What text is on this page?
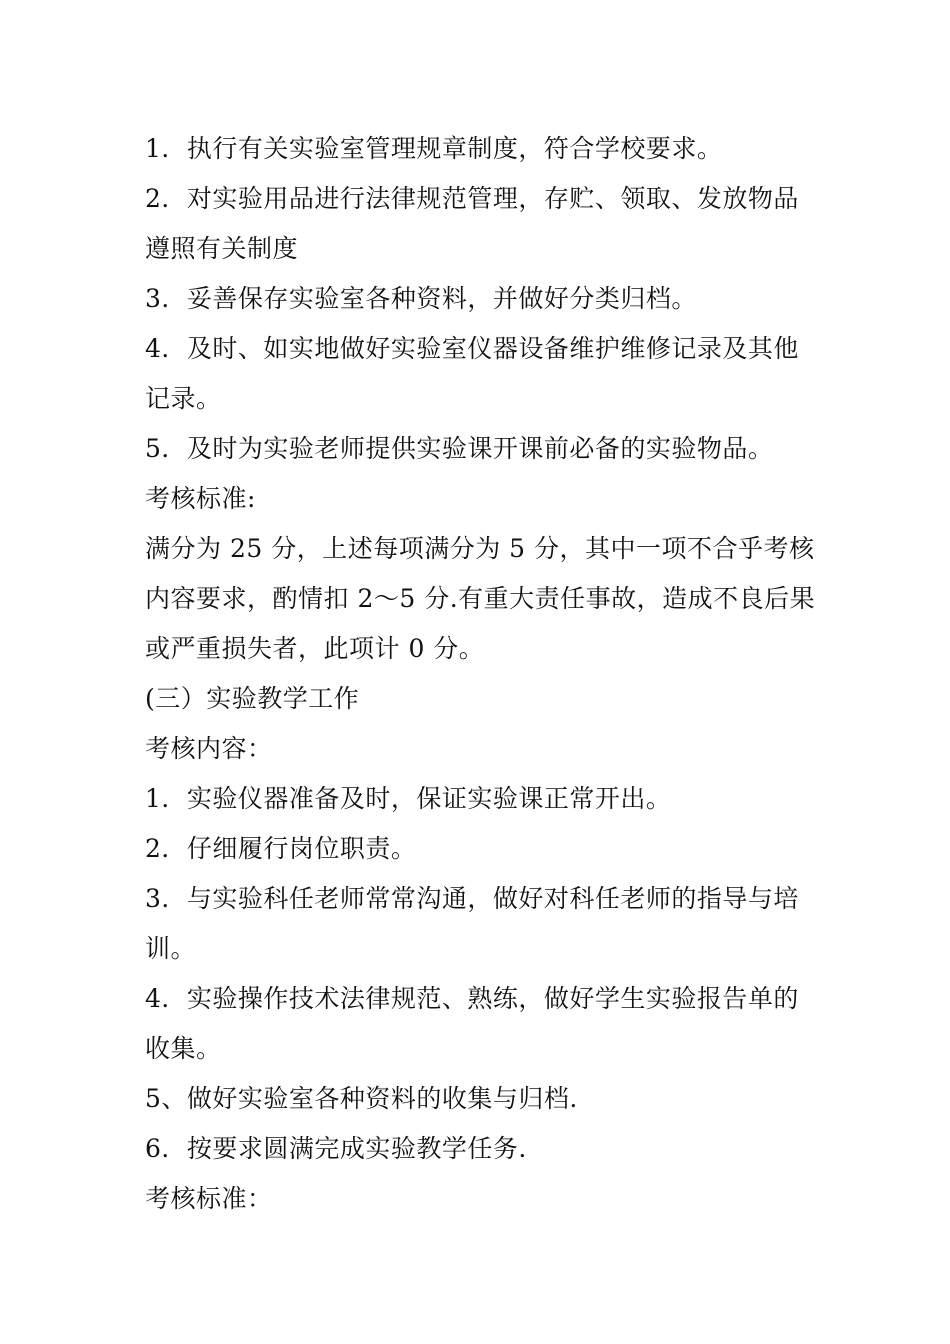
1．执行有关实验室管理规章制度，符合学校要求。
2．对实验用品进行法律规范管理，存贮、领取、发放物品
遵照有关制度
3．妥善保存实验室各种资料，并做好分类归档。
4．及时、如实地做好实验室仪器设备维护维修记录及其他
记录。
5．及时为实验老师提供实验课开课前必备的实验物品。
考核标准:
满分为 25 分，上述每项满分为 5 分，其中一项不合乎考核
内容要求，酌情扣 2～5 分.有重大责任事故，造成不良后果
或严重损失者，此项计 0 分。
(三）实验教学工作
考核内容：
1．实验仪器准备及时，保证实验课正常开出。
2．仔细履行岗位职责。
3．与实验科任老师常常沟通，做好对科任老师的指导与培
训。
4．实验操作技术法律规范、熟练，做好学生实验报告单的
收集。
5、做好实验室各种资料的收集与归档.
6．按要求圆满完成实验教学任务.
考核标准：
